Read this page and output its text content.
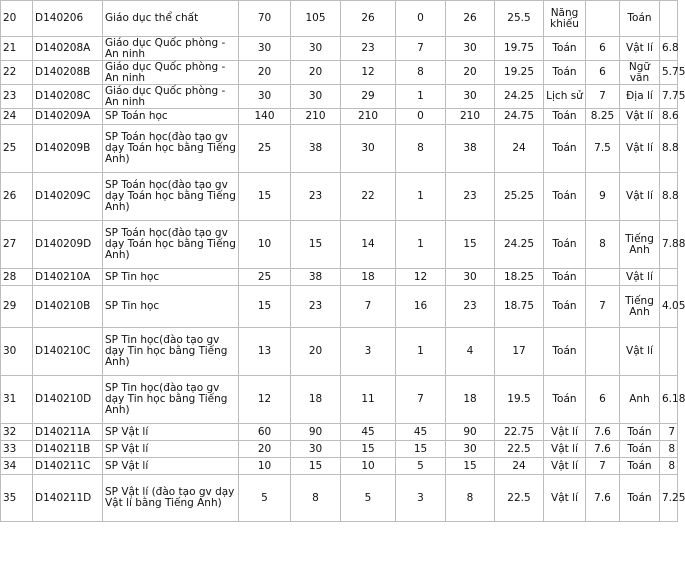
20	D140206	Giáo dục thể chất	70	105	26	0	26	25.5	Năng khiếu		Toán	
21	D140208A	Giáo dục Quốc phòng - An ninh	30	30	23	7	30	19.75	Toán	6	Vật lí	6.8
22	D140208B	Giáo dục Quốc phòng - An ninh	20	20	12	8	20	19.25	Toán	6	Ngữ văn	5.75
23	D140208C	Giáo dục Quốc phòng - An ninh	30	30	29	1	30	24.25	Lịch sử	7	Địa lí	7.75
24	D140209A	SP Toán học	140	210	210	0	210	24.75	Toán	8.25	Vật lí	8.6
25	D140209B	SP Toán học(đào tạo gv dạy Toán học bằng Tiếng Anh)	25	38	30	8	38	24	Toán	7.5	Vật lí	8.8
26	D140209C	SP Toán học(đào tạo gv dạy Toán học bằng Tiếng Anh)	15	23	22	1	23	25.25	Toán	9	Vật lí	8.8
27	D140209D	SP Toán học(đào tạo gv dạy Toán học bằng Tiếng Anh)	10	15	14	1	15	24.25	Toán	8	Tiếng Anh	7.88
28	D140210A	SP Tin học	25	38	18	12	30	18.25	Toán		Vật lí	
29	D140210B	SP Tin học	15	23	7	16	23	18.75	Toán	7	Tiếng Anh	4.05
30	D140210C	SP Tin học(đào tạo gv dạy Tin học bằng Tiếng Anh)	13	20	3	1	4	17	Toán		Vật lí	
31	D140210D	SP Tin học(đào tạo gv dạy Tin học bằng Tiếng Anh)	12	18	11	7	18	19.5	Toán	6	Anh	6.18
32	D140211A	SP Vật lí	60	90	45	45	90	22.75	Vật lí	7.6	Toán	7
33	D140211B	SP Vật lí	20	30	15	15	30	22.5	Vật lí	7.6	Toán	8
34	D140211C	SP Vật lí	10	15	10	5	15	24	Vật lí	7	Toán	8
35	D140211D	SP Vật lí (đào tạo gv dạy Vật lí bằng Tiếng Anh)	5	8	5	3	8	22.5	Vật lí	7.6	Toán	7.25
